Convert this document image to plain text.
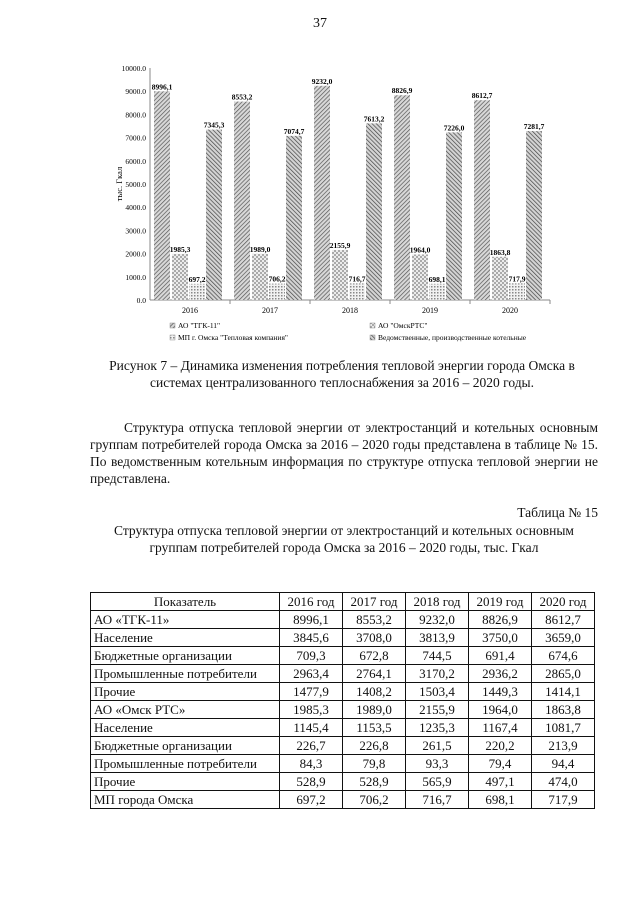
37
0.0
1000.0
2000.0
3000.0
4000.0
5000.0
6000.0
7000.0
8000.0
9000.0
10000.0
тыс. Гкал
8996,1
1985,3
697,2
7345,3
2016
8553,2
1989,0
706,2
7074,7
2017
9232,0
2155,9
716,7
7613,2
2018
8826,9
1964,0
698,1
7226,0
2019
8612,7
1863,8
717,9
7281,7
2020
АО "ТГК-11"	АО "ОмскРТС"
МП г. Омска "Тепловая компания"	Ведомственные, производственные котельные
Рисунок 7 – Динамика изменения потребления тепловой энергии города Омска в системах централизованного теплоснабжения за 2016 – 2020 годы.
Структура отпуска тепловой энергии от электростанций и котельных основным группам потребителей города Омска за 2016 – 2020 годы представлена в таблице № 15. По ведомственным котельным информация по структуре отпуска тепловой энергии не представлена.
Таблица № 15
Структура отпуска тепловой энергии от электростанций и котельных основным группам потребителей города Омска за 2016 – 2020 годы, тыс. Гкал
Показатель	2016 год	2017 год	2018 год	2019 год	2020 год
АО «ТГК-11»	8996,1	8553,2	9232,0	8826,9	8612,7
Население	3845,6	3708,0	3813,9	3750,0	3659,0
Бюджетные организации	709,3	672,8	744,5	691,4	674,6
Промышленные потребители	2963,4	2764,1	3170,2	2936,2	2865,0
Прочие	1477,9	1408,2	1503,4	1449,3	1414,1
АО «Омск РТС»	1985,3	1989,0	2155,9	1964,0	1863,8
Население	1145,4	1153,5	1235,3	1167,4	1081,7
Бюджетные организации	226,7	226,8	261,5	220,2	213,9
Промышленные потребители	84,3	79,8	93,3	79,4	94,4
Прочие	528,9	528,9	565,9	497,1	474,0
МП города Омска	697,2	706,2	716,7	698,1	717,9
